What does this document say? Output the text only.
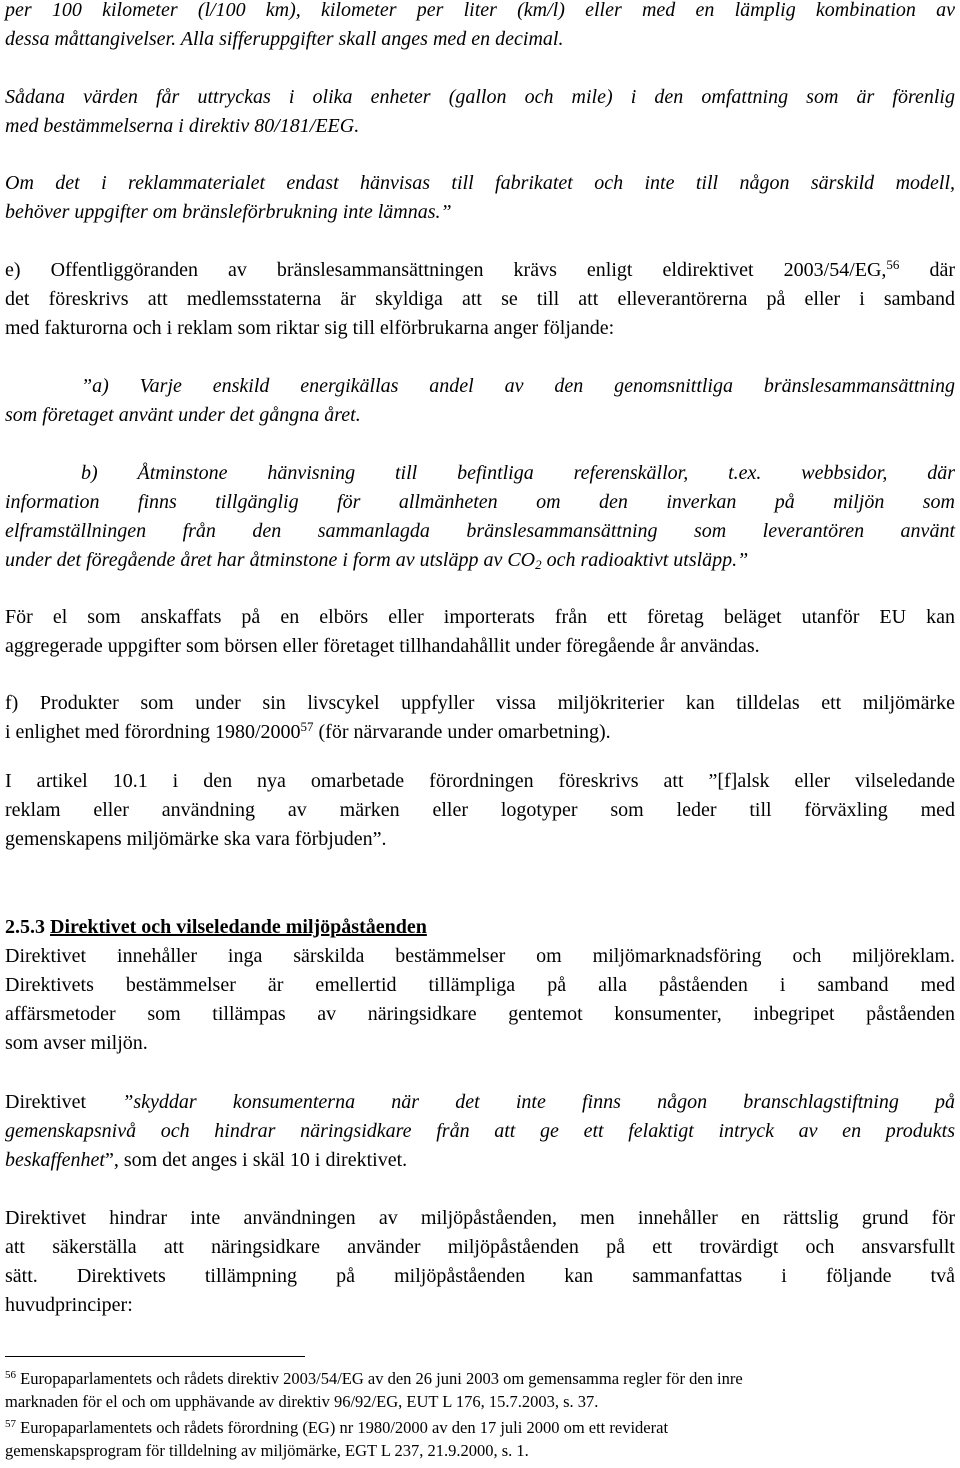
per 100 kilometer (l/100 km), kilometer per liter (km/l) eller med en lämplig kombination av
dessa måttangivelser. Alla sifferuppgifter skall anges med en decimal.
Sådana värden får uttryckas i olika enheter (gallon och mile) i den omfattning som är förenlig
med bestämmelserna i direktiv 80/181/EEG.
Om det i reklammaterialet endast hänvisas till fabrikatet och inte till någon särskild modell,
behöver uppgifter om bränsleförbrukning inte lämnas.”
e) Offentliggöranden av bränslesammansättningen krävs enligt eldirektivet 2003/54/EG,$^{56}$ där
det föreskrivs att medlemsstaterna är skyldiga att se till att elleverantörerna på eller i samband
med fakturorna och i reklam som riktar sig till elförbrukarna anger följande:
”a) Varje enskild energikällas andel av den genomsnittliga bränslesammansättning
som företaget använt under det gångna året.
b) Åtminstone hänvisning till befintliga referenskällor, t.ex. webbsidor, där
information finns tillgänglig för allmänheten om den inverkan på miljön som
elframställningen från den sammanlagda bränslesammansättning som leverantören använt
under det föregående året har åtminstone i form av utsläpp av $CO_2$ och radioaktivt utsläpp.”
För el som anskaffats på en elbörs eller importerats från ett företag beläget utanför EU kan
aggregerade uppgifter som börsen eller företaget tillhandahållit under föregående år användas.
f) Produkter som under sin livscykel uppfyller vissa miljökriterier kan tilldelas ett miljömärke
i enlighet med förordning 1980/2000$^{57}$ (för närvarande under omarbetning).
I artikel 10.1 i den nya omarbetade förordningen föreskrivs att ”[f]alsk eller vilseledande
reklam eller användning av märken eller logotyper som leder till förväxling med
gemenskapens miljömärke ska vara förbjuden”.
2.5.3 Direktivet och vilseledande miljöpåståenden
Direktivet innehåller inga särskilda bestämmelser om miljömarknadsföring och miljöreklam.
Direktivets bestämmelser är emellertid tillämpliga på alla påståenden i samband med
affärsmetoder som tillämpas av näringsidkare gentemot konsumenter, inbegripet påståenden
som avser miljön.
Direktivet ”skyddar konsumenterna när det inte finns någon branschlagstiftning på
gemenskapsnivå och hindrar näringsidkare från att ge ett felaktigt intryck av en produkts
beskaffenhet”, som det anges i skäl 10 i direktivet.
Direktivet hindrar inte användningen av miljöpåståenden, men innehåller en rättslig grund för
att säkerställa att näringsidkare använder miljöpåståenden på ett trovärdigt och ansvarsfullt
sätt. Direktivets tillämpning på miljöpåståenden kan sammanfattas i följande två
huvudprinciper:
$^{56}$ Europaparlamentets och rådets direktiv 2003/54/EG av den 26 juni 2003 om gemensamma regler för den inre
marknaden för el och om upphävande av direktiv 96/92/EG, EUT L 176, 15.7.2003, s. 37.
$^{57}$ Europaparlamentets och rådets förordning (EG) nr 1980/2000 av den 17 juli 2000 om ett reviderat
gemenskapsprogram för tilldelning av miljömärke, EGT L 237, 21.9.2000, s. 1.
